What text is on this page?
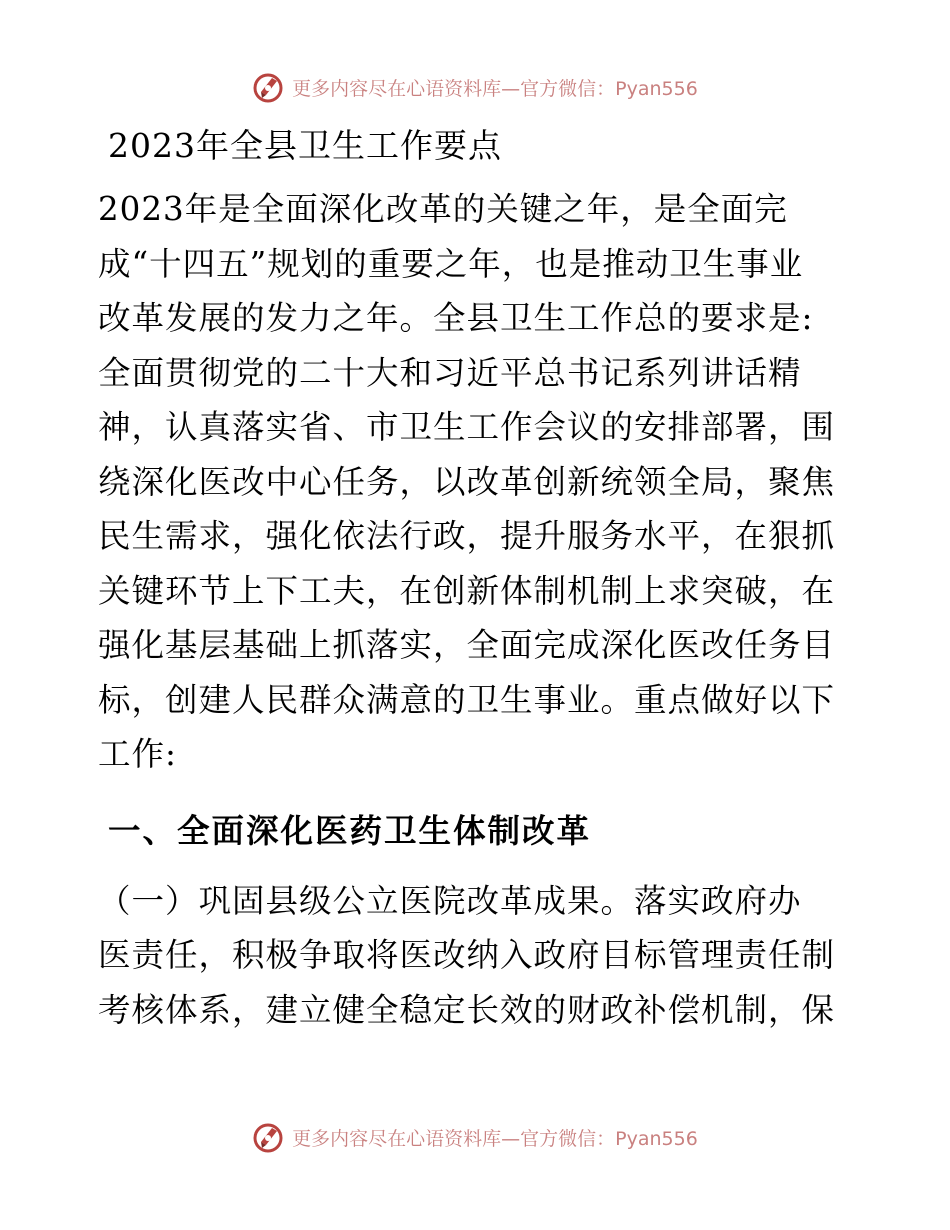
更多内容尽在心语资料库—官方微信：Pyan556
2023年全县卫生工作要点

2023年是全面深化改革的关键之年，是全面完
成“十四五”规划的重要之年，也是推动卫生事业
改革发展的发力之年。全县卫生工作总的要求是:
全面贯彻党的二十大和习近平总书记系列讲话精
神，认真落实省、市卫生工作会议的安排部署，围
绕深化医改中心任务，以改革创新统领全局，聚焦
民生需求，强化依法行政，提升服务水平，在狠抓
关键环节上下工夫，在创新体制机制上求突破，在
强化基层基础上抓落实，全面完成深化医改任务目
标，创建人民群众满意的卫生事业。重点做好以下
工作:

一、全面深化医药卫生体制改革

（一）巩固县级公立医院改革成果。落实政府办
医责任，积极争取将医改纳入政府目标管理责任制
考核体系，建立健全稳定长效的财政补偿机制，保

更多内容尽在心语资料库—官方微信：Pyan556
